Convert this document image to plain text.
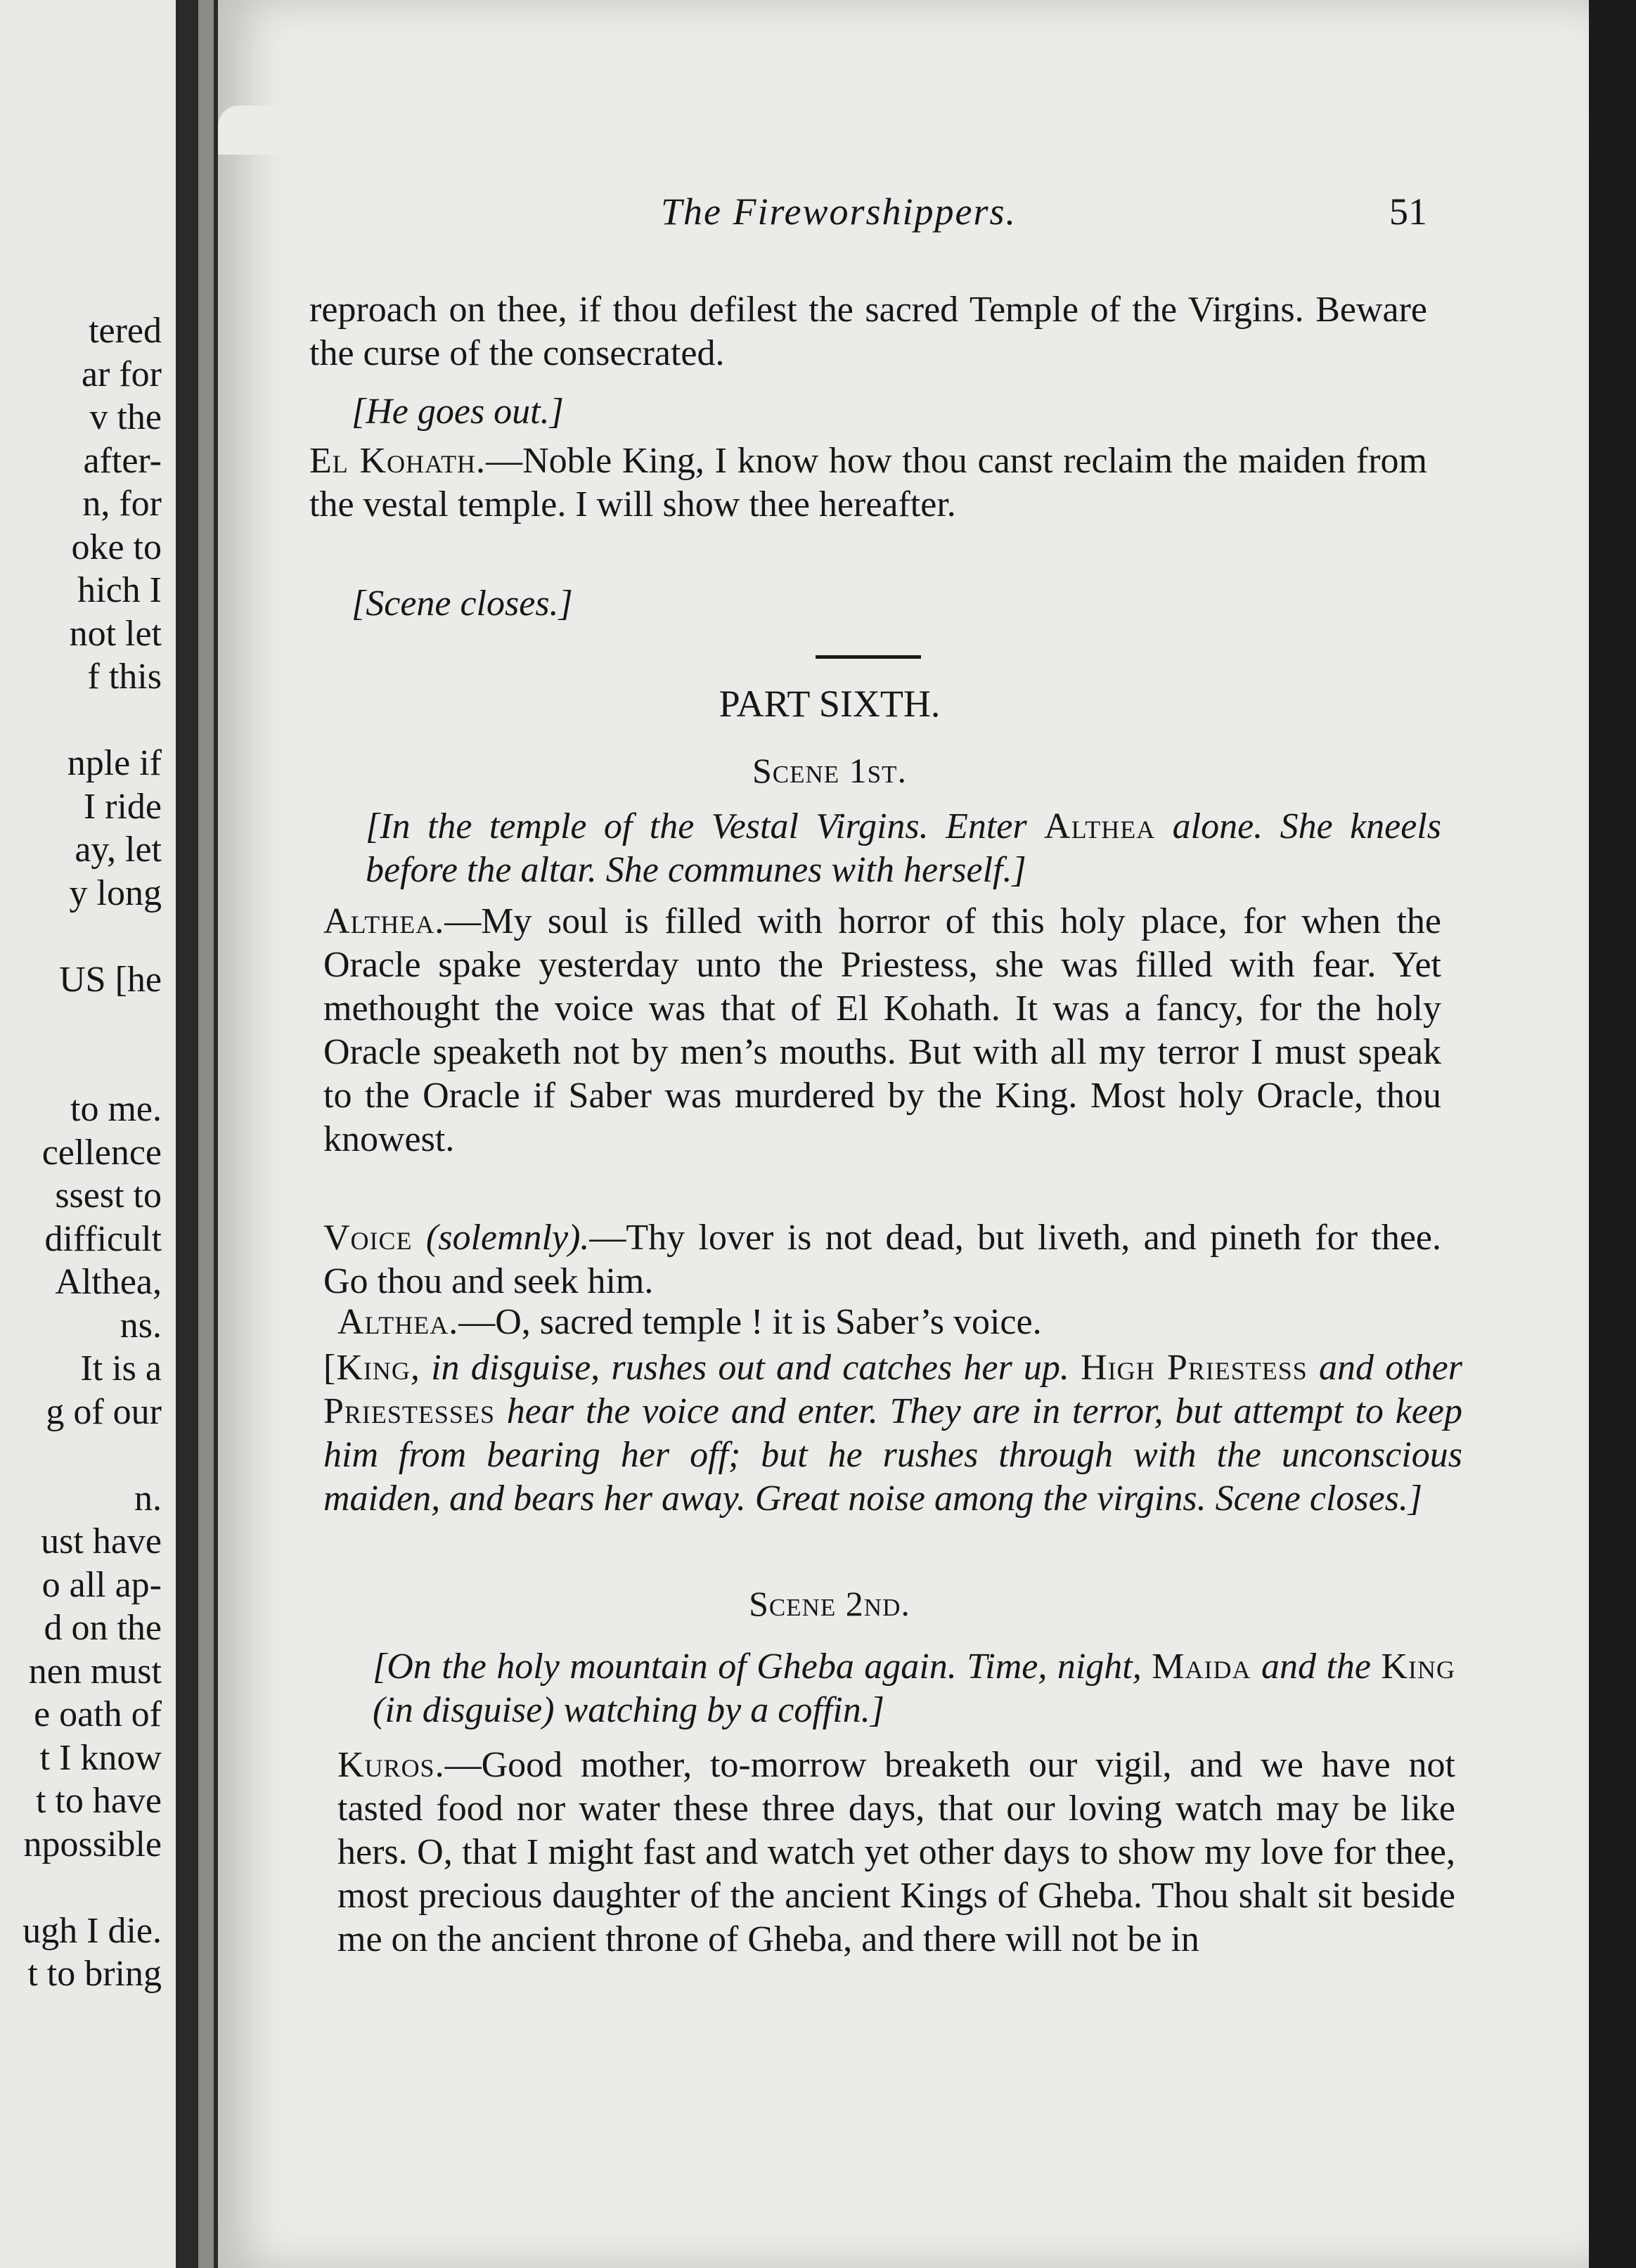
tered
ar for
v the
after-
n, for
oke to
hich I
not let
f this
nple if
I ride
ay, let
y long
US [he
to me.
cellence
ssest to
difficult
Althea,
ns.
It is a
g of our
n.
ust have
o all ap-
d on the
nen must
e oath of
t I know
t to have
npossible
ugh I die.
t to bring
The Fireworshippers.	51

reproach on thee, if thou defilest the sacred Temple of the Virgins. Beware the curse of the consecrated.

[He goes out.]

El Kohath.—Noble King, I know how thou canst reclaim the maiden from the vestal temple. I will show thee hereafter.

[Scene closes.]

PART SIXTH.

Scene 1st.

[In the temple of the Vestal Virgins. Enter Althea alone. She kneels before the altar. She communes with herself.]

Althea.—My soul is filled with horror of this holy place, for when the Oracle spake yesterday unto the Priestess, she was filled with fear. Yet methought the voice was that of El Kohath. It was a fancy, for the holy Oracle speaketh not by men’s mouths. But with all my terror I must speak to the Oracle if Saber was murdered by the King. Most holy Oracle, thou knowest.

Voice (solemnly).—Thy lover is not dead, but liveth, and pineth for thee. Go thou and seek him.

Althea.—O, sacred temple ! it is Saber’s voice.

[King, in disguise, rushes out and catches her up. High Priestess and other Priestesses hear the voice and enter. They are in terror, but attempt to keep him from bearing her off; but he rushes through with the unconscious maiden, and bears her away. Great noise among the virgins. Scene closes.]

Scene 2nd.

[On the holy mountain of Gheba again. Time, night, Maida and the King (in disguise) watching by a coffin.]

Kuros.—Good mother, to-morrow breaketh our vigil, and we have not tasted food nor water these three days, that our loving watch may be like hers. O, that I might fast and watch yet other days to show my love for thee, most precious daughter of the ancient Kings of Gheba. Thou shalt sit beside me on the ancient throne of Gheba, and there will not be in
